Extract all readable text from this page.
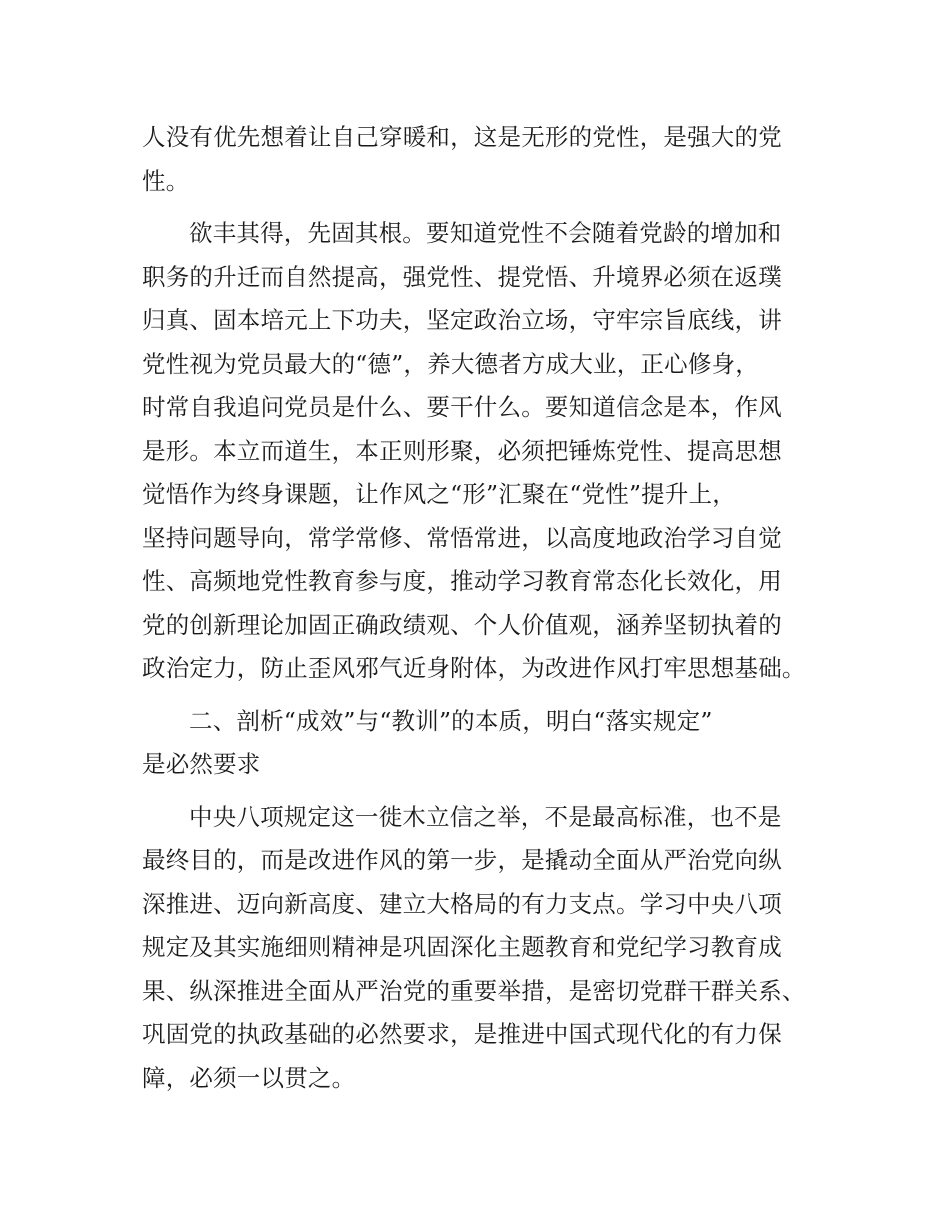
人没有优先想着让自己穿暖和，这是无形的党性，是强大的党
性。
欲丰其得，先固其根。要知道党性不会随着党龄的增加和
职务的升迁而自然提高，强党性、提党悟、升境界必须在返璞
归真、固本培元上下功夫，坚定政治立场，守牢宗旨底线，讲
党性视为党员最大的“德”，养大德者方成大业，正心修身，
时常自我追问党员是什么、要干什么。要知道信念是本，作风
是形。本立而道生，本正则形聚，必须把锤炼党性、提高思想
觉悟作为终身课题，让作风之“形”汇聚在“党性”提升上，
坚持问题导向，常学常修、常悟常进，以高度地政治学习自觉
性、高频地党性教育参与度，推动学习教育常态化长效化，用
党的创新理论加固正确政绩观、个人价值观，涵养坚韧执着的
政治定力，防止歪风邪气近身附体，为改进作风打牢思想基础。
二、剖析“成效”与“教训”的本质，明白“落实规定”
是必然要求
中央八项规定这一徙木立信之举，不是最高标准，也不是
最终目的，而是改进作风的第一步，是撬动全面从严治党向纵
深推进、迈向新高度、建立大格局的有力支点。学习中央八项
规定及其实施细则精神是巩固深化主题教育和党纪学习教育成
果、纵深推进全面从严治党的重要举措，是密切党群干群关系、
巩固党的执政基础的必然要求，是推进中国式现代化的有力保
障，必须一以贯之。
